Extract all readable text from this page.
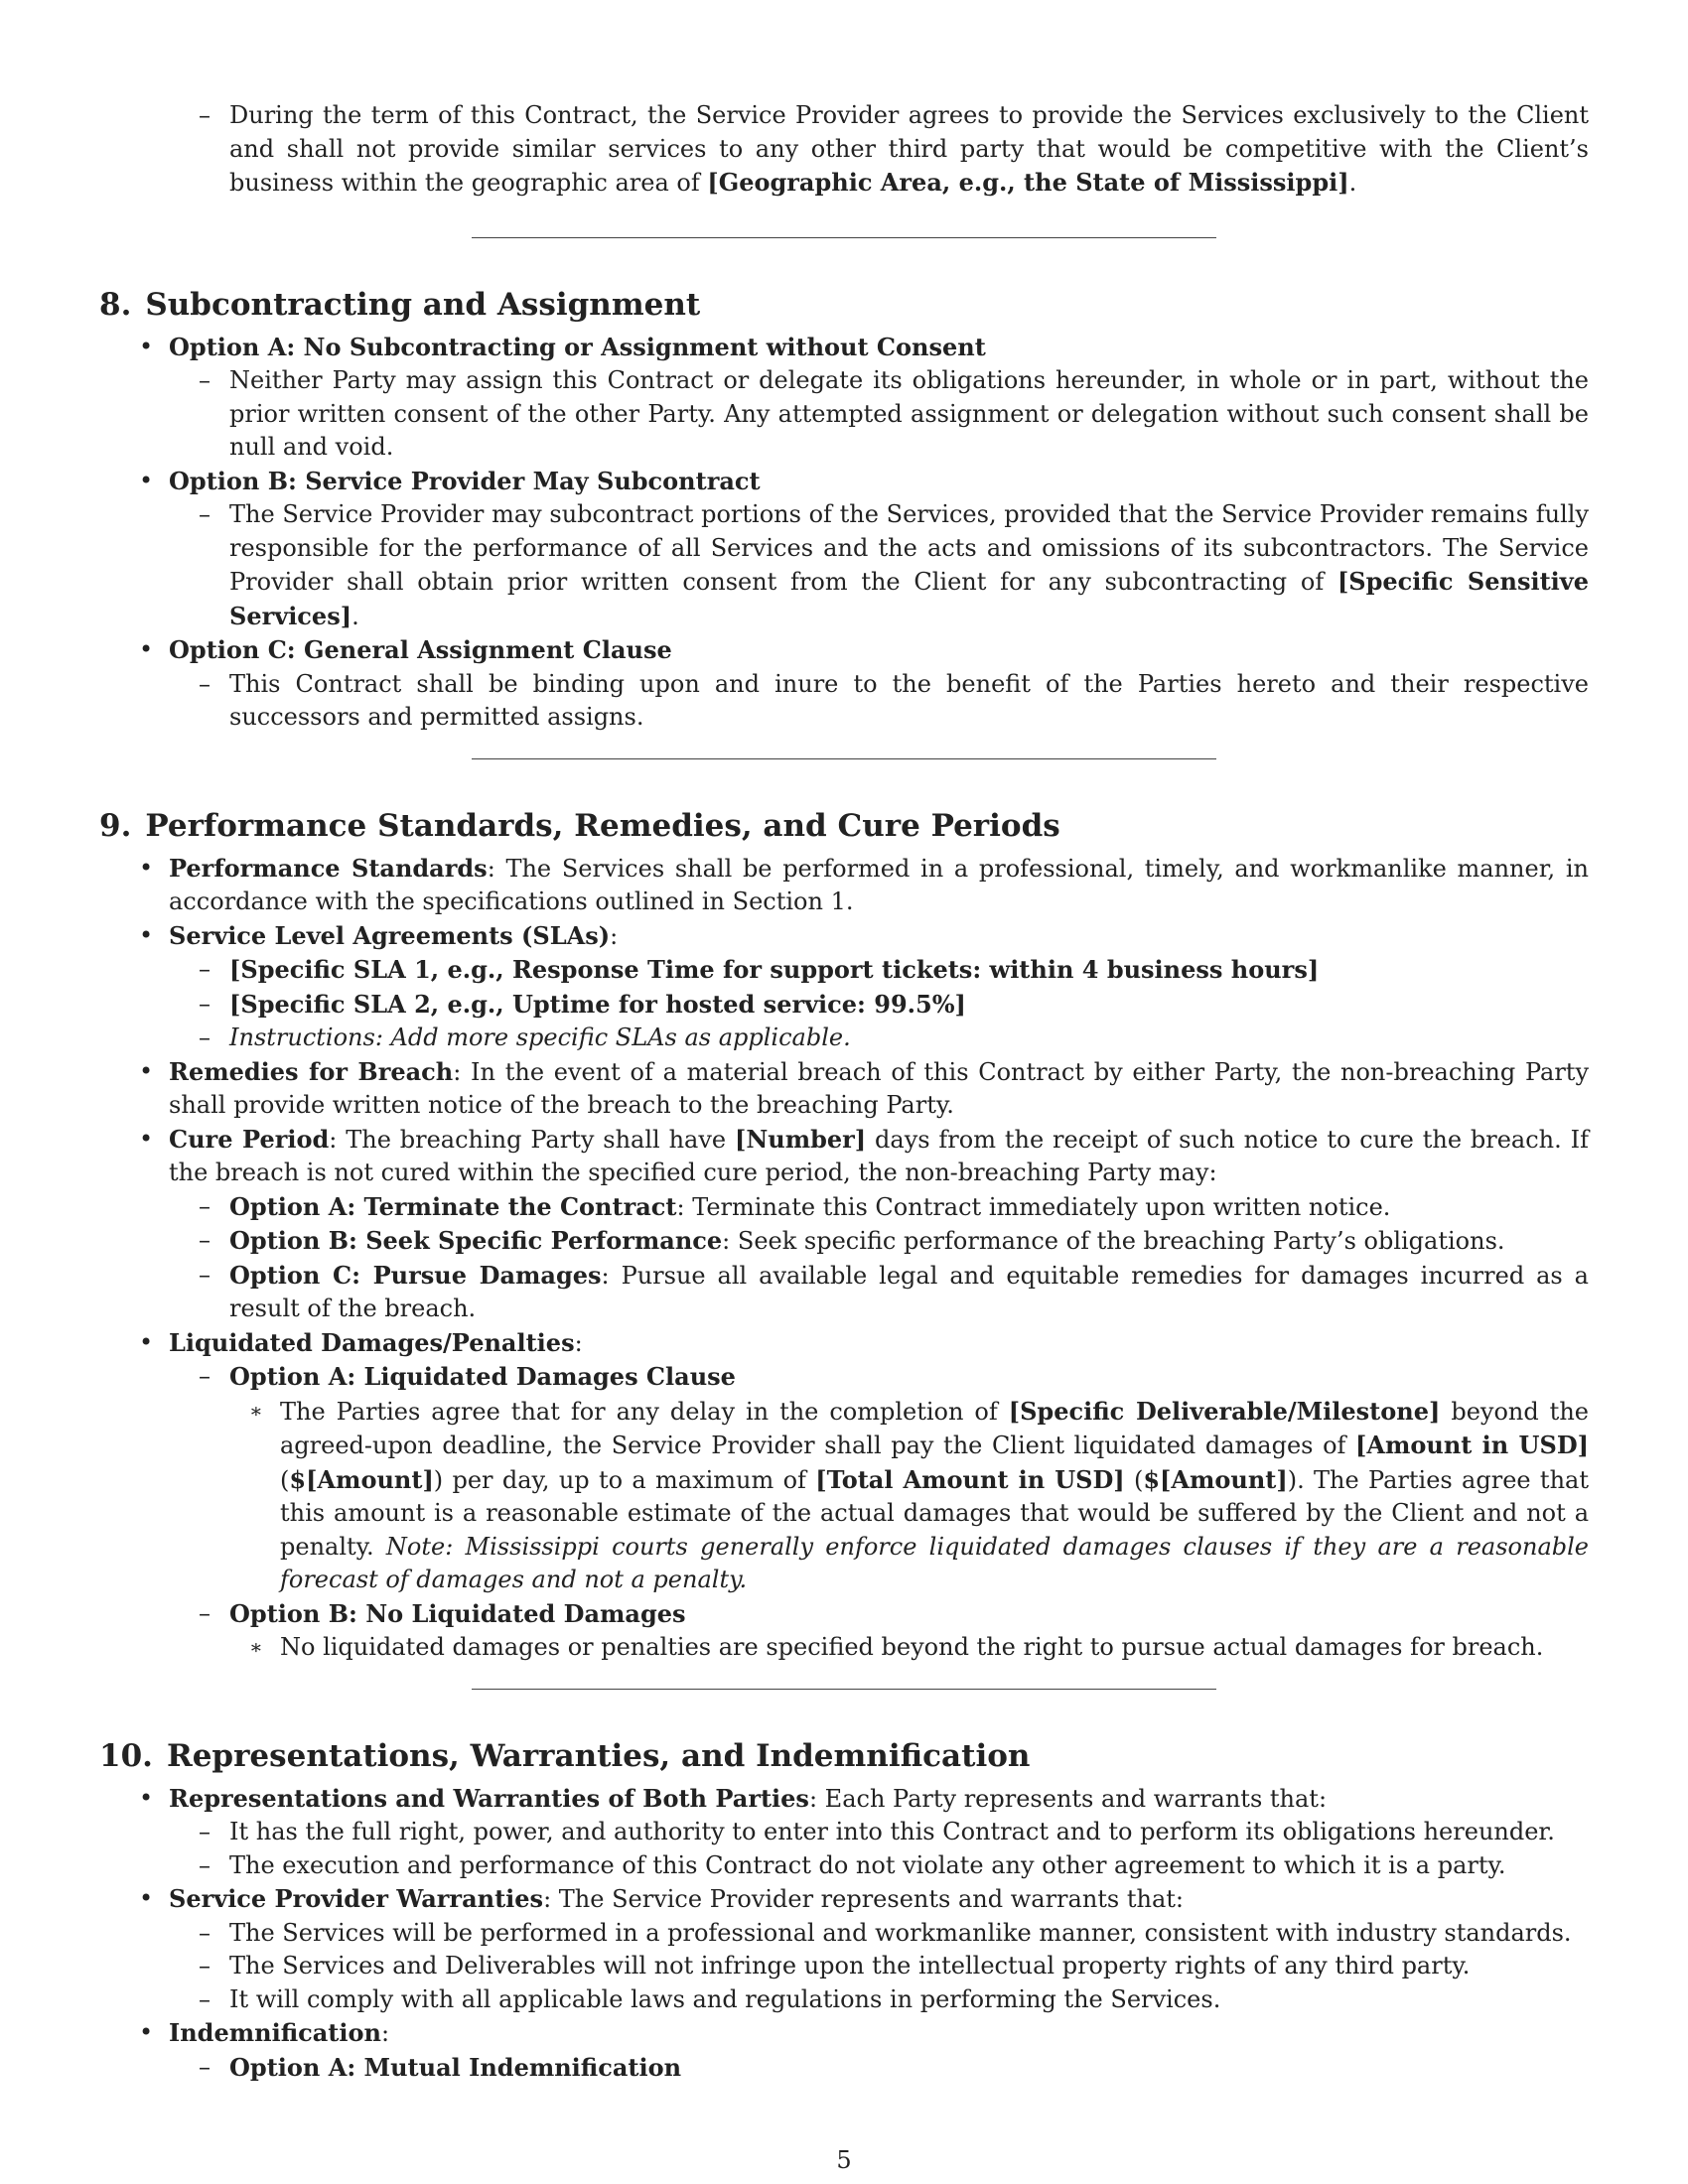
– During the term of this Contract, the Service Provider agrees to provide the Services exclusively to the Client and shall not provide similar services to any other third party that would be competitive with the Client’s business within the geographic area of [Geographic Area, e.g., the State of Mississippi].
8. Subcontracting and Assignment
• Option A: No Subcontracting or Assignment without Consent
– Neither Party may assign this Contract or delegate its obligations hereunder, in whole or in part, without the prior written consent of the other Party. Any attempted assignment or delegation without such consent shall be null and void.
• Option B: Service Provider May Subcontract
– The Service Provider may subcontract portions of the Services, provided that the Service Provider remains fully responsible for the performance of all Services and the acts and omissions of its subcontractors. The Service Provider shall obtain prior written consent from the Client for any subcontracting of [Specific Sensitive Services].
• Option C: General Assignment Clause
– This Contract shall be binding upon and inure to the benefit of the Parties hereto and their respective successors and permitted assigns.
9. Performance Standards, Remedies, and Cure Periods
• Performance Standards: The Services shall be performed in a professional, timely, and workmanlike manner, in accordance with the specifications outlined in Section 1.
• Service Level Agreements (SLAs):
– [Specific SLA 1, e.g., Response Time for support tickets: within 4 business hours]
– [Specific SLA 2, e.g., Uptime for hosted service: 99.5%]
– Instructions: Add more specific SLAs as applicable.
• Remedies for Breach: In the event of a material breach of this Contract by either Party, the non-breaching Party shall provide written notice of the breach to the breaching Party.
• Cure Period: The breaching Party shall have [Number] days from the receipt of such notice to cure the breach. If the breach is not cured within the specified cure period, the non-breaching Party may:
– Option A: Terminate the Contract: Terminate this Contract immediately upon written notice.
– Option B: Seek Specific Performance: Seek specific performance of the breaching Party’s obligations.
– Option C: Pursue Damages: Pursue all available legal and equitable remedies for damages incurred as a result of the breach.
• Liquidated Damages/Penalties:
– Option A: Liquidated Damages Clause
∗ The Parties agree that for any delay in the completion of [Specific Deliverable/Milestone] beyond the agreed-upon deadline, the Service Provider shall pay the Client liquidated damages of [Amount in USD] ($[Amount]) per day, up to a maximum of [Total Amount in USD] ($[Amount]). The Parties agree that this amount is a reasonable estimate of the actual damages that would be suffered by the Client and not a penalty. Note: Mississippi courts generally enforce liquidated damages clauses if they are a reasonable forecast of damages and not a penalty.
– Option B: No Liquidated Damages
∗ No liquidated damages or penalties are specified beyond the right to pursue actual damages for breach.
10. Representations, Warranties, and Indemnification
• Representations and Warranties of Both Parties: Each Party represents and warrants that:
– It has the full right, power, and authority to enter into this Contract and to perform its obligations hereunder.
– The execution and performance of this Contract do not violate any other agreement to which it is a party.
• Service Provider Warranties: The Service Provider represents and warrants that:
– The Services will be performed in a professional and workmanlike manner, consistent with industry standards.
– The Services and Deliverables will not infringe upon the intellectual property rights of any third party.
– It will comply with all applicable laws and regulations in performing the Services.
• Indemnification:
– Option A: Mutual Indemnification
5
